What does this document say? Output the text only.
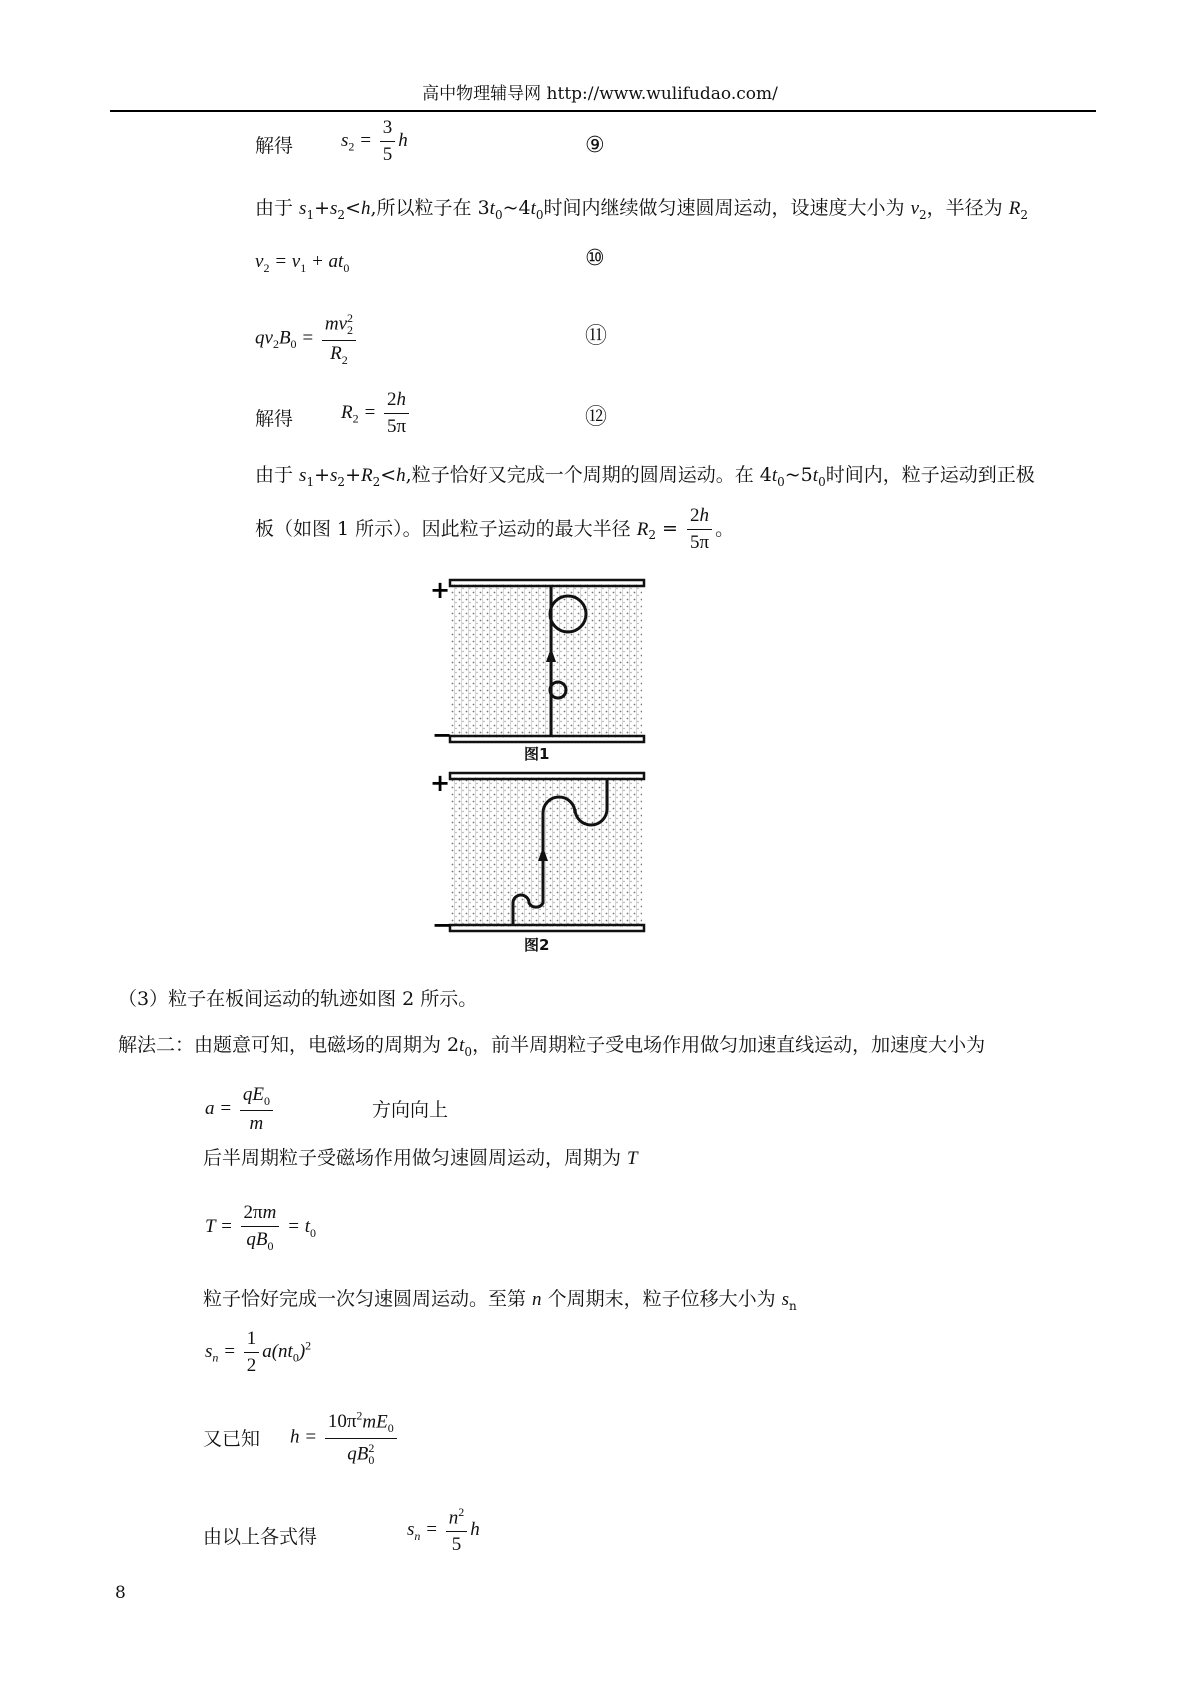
高中物理辅导网 http://www.wulifudao.com/
解得	$s_2 = \frac{3}{5}$ h	⑨
由于 $s_1+s_2<h$,所以粒子在 $3t_0\sim 4t_0$时间内继续做匀速圆周运动，设速度大小为 $v_2$，半径为 $R_2$
$v_2 = v_1 + at_0$	⑩
$qv_2B_0 = \frac{mv_2^2}{R_2}$	⑪
解得	$R_2 = \frac{2h}{5\pi}$	⑫
由于 $s_1+s_2+R_2<h$,粒子恰好又完成一个周期的圆周运动。在 $4t_0\sim 5t_0$时间内，粒子运动到正极
板（如图 1 所示）。因此粒子运动的最大半径 $R_2 = \frac{2h}{5\pi}$ 。
+
−
图1
+
−
图2
（3）粒子在板间运动的轨迹如图 2 所示。
解法二：由题意可知，电磁场的周期为 $2t_0$，前半周期粒子受电场作用做匀加速直线运动，加速度大小为
$a = \frac{qE_0}{m}$	方向向上
后半周期粒子受磁场作用做匀速圆周运动，周期为 T
$T = \frac{2\pi m}{qB_0} = t_0$
粒子恰好完成一次匀速圆周运动。至第 n 个周期末，粒子位移大小为 $s_n$
$s_n = \frac{1}{2} a(nt_0)^2$
又已知 $h = \frac{10\pi^2mE_0}{qB_0^2}$
由以上各式得	$s_n = \frac{n^2}{5}$ h
8
